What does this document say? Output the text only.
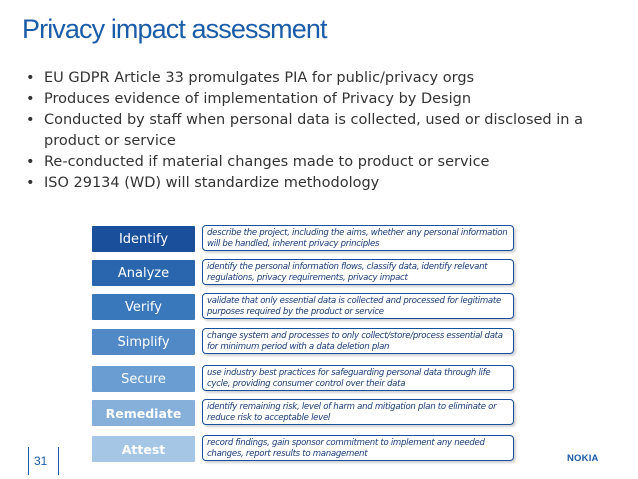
Privacy impact assessment
• EU GDPR Article 33 promulgates PIA for public/privacy orgs
• Produces evidence of implementation of Privacy by Design
• Conducted by staff when personal data is collected, used or disclosed in a product or service
• Re-conducted if material changes made to product or service
• ISO 29134 (WD) will standardize methodology
Identify	describe the project, including the aims, whether any personal information will be handled, inherent privacy principles
Analyze	identify the personal information flows, classify data, identify relevant regulations, privacy requirements, privacy impact
Verify	validate that only essential data is collected and processed for legitimate purposes required by the product or service
Simplify	change system and processes to only collect/store/process essential data for minimum period with a data deletion plan
Secure	use industry best practices for safeguarding personal data through life cycle, providing consumer control over their data
Remediate	identify remaining risk, level of harm and mitigation plan to eliminate or reduce risk to acceptable level
Attest	record findings, gain sponsor commitment to implement any needed changes, report results to management
31	NOKIA
